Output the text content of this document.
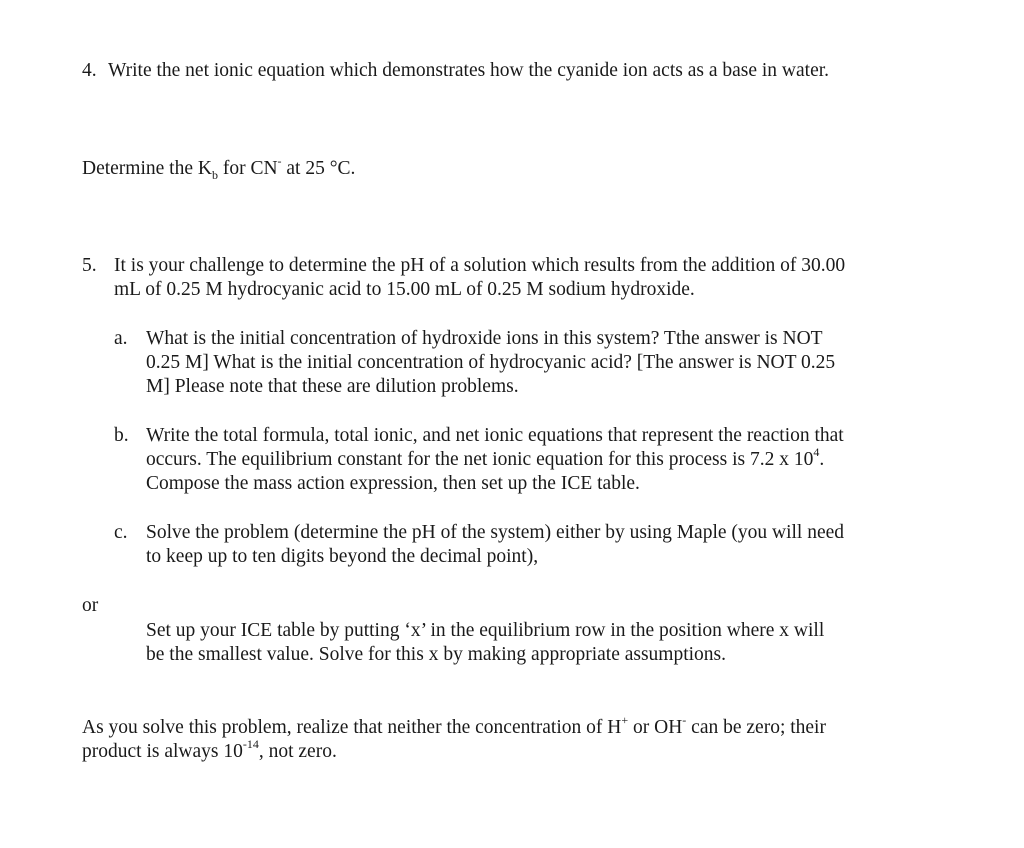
4. Write the net ionic equation which demonstrates how the cyanide ion acts as a base in water.
Determine the $K_b$ for CN- at 25 °C.
5. It is your challenge to determine the pH of a solution which results from the addition of 30.00
mL of 0.25 M hydrocyanic acid to 15.00 mL of 0.25 M sodium hydroxide.
a. What is the initial concentration of hydroxide ions in this system? Tthe answer is NOT
0.25 M] What is the initial concentration of hydrocyanic acid? [The answer is NOT 0.25
M] Please note that these are dilution problems.
b. Write the total formula, total ionic, and net ionic equations that represent the reaction that
occurs. The equilibrium constant for the net ionic equation for this process is 7.2 x $10^4$.
Compose the mass action expression, then set up the ICE table.
c. Solve the problem (determine the pH of the system) either by using Maple (you will need
to keep up to ten digits beyond the decimal point),
or
Set up your ICE table by putting ‘x’ in the equilibrium row in the position where x will
be the smallest value. Solve for this x by making appropriate assumptions.
As you solve this problem, realize that neither the concentration of H+ or OH- can be zero; their
product is always $10^{-14}$, not zero.
